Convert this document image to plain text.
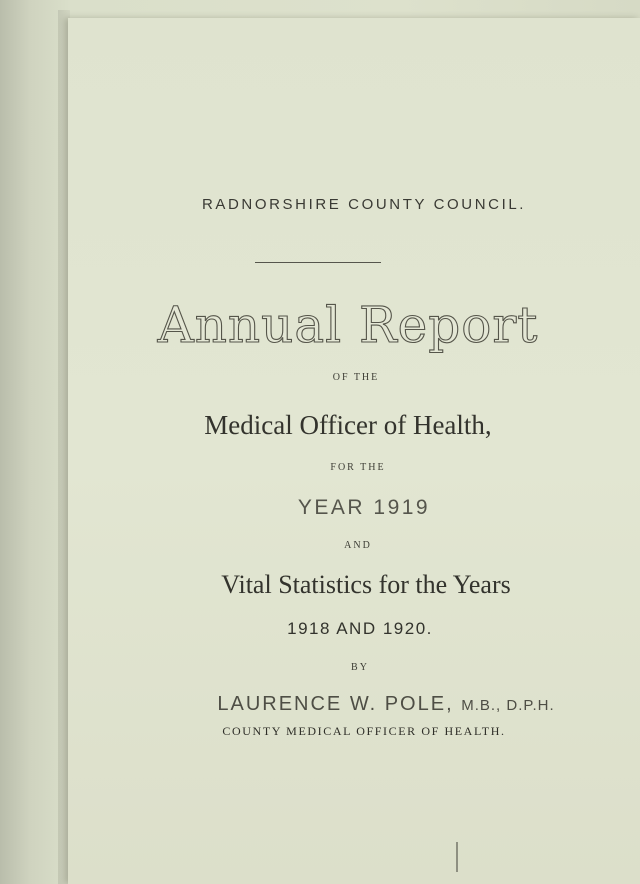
RADNORSHIRE COUNTY COUNCIL.
Annual Report
OF THE
Medical Officer of Health,
FOR THE
YEAR 1919
AND
Vital Statistics for the Years
1918 AND 1920.
BY
LAURENCE W. POLE, M.B., D.P.H.
COUNTY MEDICAL OFFICER OF HEALTH.
